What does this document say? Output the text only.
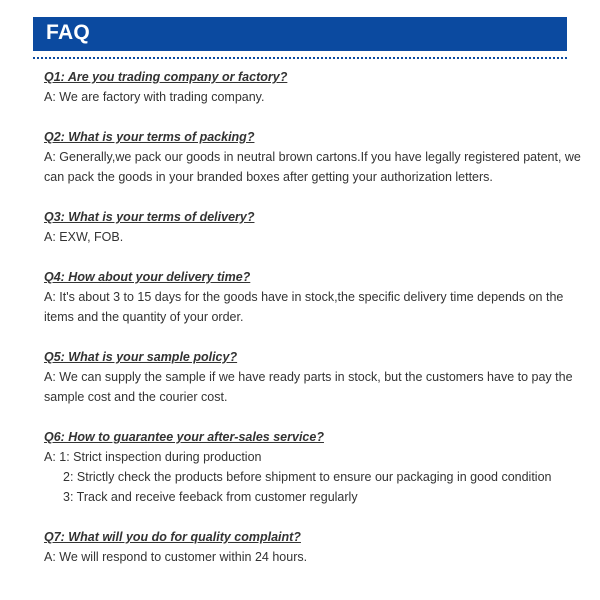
FAQ
Q1: Are you trading company or factory?
A: We are factory with trading company.
Q2: What is your terms of packing?
A: Generally,we pack our goods in neutral brown cartons.If you have legally registered patent, we
can pack the goods in your branded boxes after getting your authorization letters.
Q3: What is your terms of delivery?
A: EXW, FOB.
Q4: How about your delivery time?
A: It's about 3 to 15 days for the goods have in stock,the specific delivery time depends on the
items and the quantity of your order.
Q5: What is your sample policy?
A: We can supply the sample if we have ready parts in stock, but the customers have to pay the
sample cost and the courier cost.
Q6: How to guarantee your after-sales service?
A: 1: Strict inspection during production
2: Strictly check the products before shipment to ensure our packaging in good condition
3: Track and receive feeback from customer regularly
Q7: What will you do for quality complaint?
A: We will respond to customer within 24 hours.
